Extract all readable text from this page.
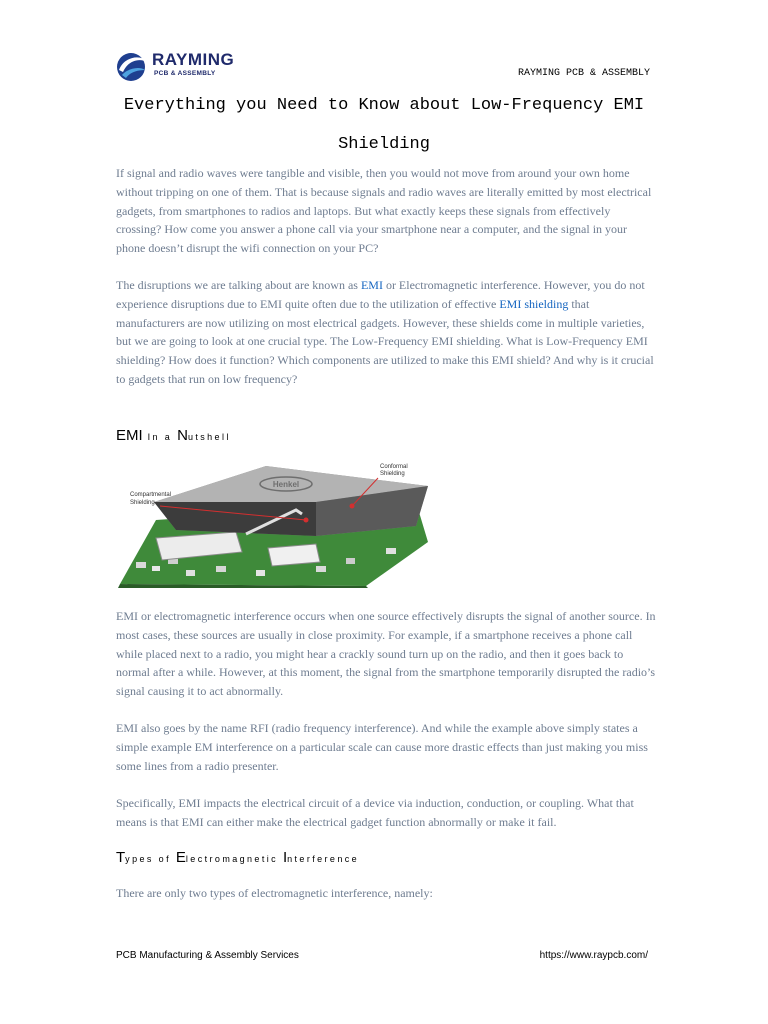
RAYMING
PCB & ASSEMBLY	RAYMING PCB & ASSEMBLY
Everything you Need to Know about Low-Frequency EMI
Shielding

If signal and radio waves were tangible and visible, then you would not move from around your own home without tripping on one of them. That is because signals and radio waves are literally emitted by most electrical gadgets, from smartphones to radios and laptops. But what exactly keeps these signals from effectively crossing? How come you answer a phone call via your smartphone near a computer, and the signal in your phone doesn’t disrupt the wifi connection on your PC?

The disruptions we are talking about are known as EMI or Electromagnetic interference. However, you do not experience disruptions due to EMI quite often due to the utilization of effective EMI shielding that manufacturers are now utilizing on most electrical gadgets. However, these shields come in multiple varieties, but we are going to look at one crucial type. The Low-Frequency EMI shielding. What is Low-Frequency EMI shielding? How does it function? Which components are utilized to make this EMI shield? And why is it crucial to gadgets that run on low frequency?

EMI In a Nutshell
Henkel
Conformal
Shielding
Compartmental
Shielding

EMI or electromagnetic interference occurs when one source effectively disrupts the signal of another source. In most cases, these sources are usually in close proximity. For example, if a smartphone receives a phone call while placed next to a radio, you might hear a crackly sound turn up on the radio, and then it goes back to normal after a while. However, at this moment, the signal from the smartphone temporarily disrupted the radio’s signal causing it to act abnormally.

EMI also goes by the name RFI (radio frequency interference). And while the example above simply states a simple example EM interference on a particular scale can cause more drastic effects than just making you miss some lines from a radio presenter.

Specifically, EMI impacts the electrical circuit of a device via induction, conduction, or coupling. What that means is that EMI can either make the electrical gadget function abnormally or make it fail.

Types of Electromagnetic Interference

There are only two types of electromagnetic interference, namely:

PCB Manufacturing & Assembly Services	https://www.raypcb.com/
